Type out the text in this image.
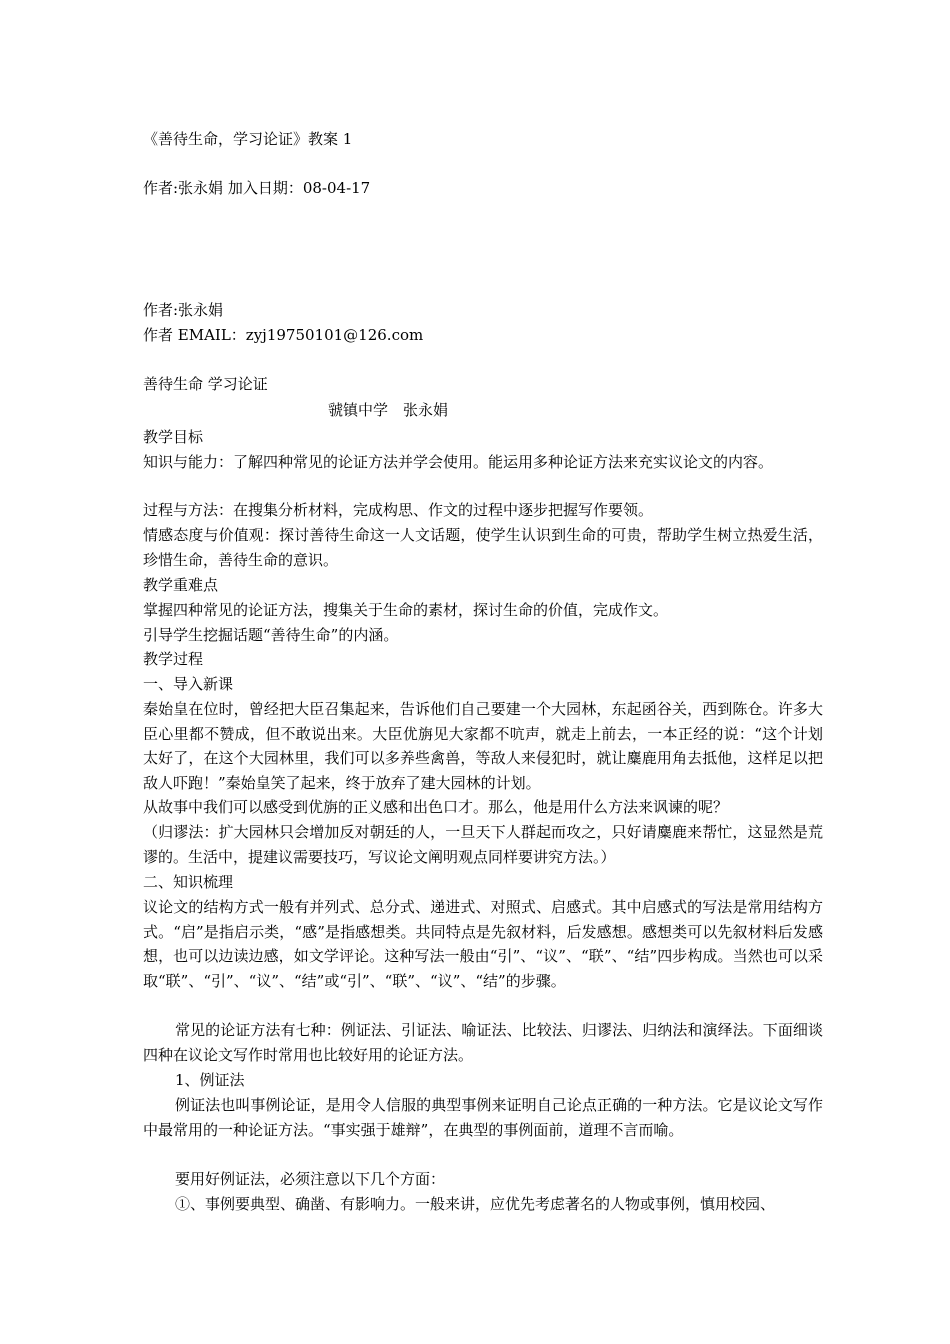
《善待生命，学习论证》教案 1
作者:张永娟 加入日期：08-04-17
作者:张永娟
作者 EMAIL：zyj19750101@126.com
善待生命 学习论证
虢镇中学　张永娟
教学目标
知识与能力：了解四种常见的论证方法并学会使用。能运用多种论证方法来充实议论文的内容。
过程与方法：在搜集分析材料，完成构思、作文的过程中逐步把握写作要领。
情感态度与价值观：探讨善待生命这一人文话题，使学生认识到生命的可贵，帮助学生树立热爱生活，珍惜生命，善待生命的意识。
教学重难点
掌握四种常见的论证方法，搜集关于生命的素材，探讨生命的价值，完成作文。
引导学生挖掘话题“善待生命”的内涵。
教学过程
一、导入新课
秦始皇在位时，曾经把大臣召集起来，告诉他们自己要建一个大园林，东起函谷关，西到陈仓。许多大臣心里都不赞成，但不敢说出来。大臣优旃见大家都不吭声，就走上前去，一本正经的说：“这个计划太好了，在这个大园林里，我们可以多养些禽兽，等敌人来侵犯时，就让麋鹿用角去抵他，这样足以把敌人吓跑！”秦始皇笑了起来，终于放弃了建大园林的计划。
从故事中我们可以感受到优旃的正义感和出色口才。那么，他是用什么方法来讽谏的呢？
（归谬法：扩大园林只会增加反对朝廷的人，一旦天下人群起而攻之，只好请麋鹿来帮忙，这显然是荒谬的。生活中，提建议需要技巧，写议论文阐明观点同样要讲究方法。）
二、知识梳理
议论文的结构方式一般有并列式、总分式、递进式、对照式、启感式。其中启感式的写法是常用结构方式。“启”是指启示类，“感”是指感想类。共同特点是先叙材料，后发感想。感想类可以先叙材料后发感想，也可以边读边感，如文学评论。这种写法一般由“引”、“议”、“联”、“结”四步构成。当然也可以采取“联”、“引”、“议”、“结”或“引”、“联”、“议”、“结”的步骤。
常见的论证方法有七种：例证法、引证法、喻证法、比较法、归谬法、归纳法和演绎法。下面细谈四种在议论文写作时常用也比较好用的论证方法。
1、例证法
例证法也叫事例论证，是用令人信服的典型事例来证明自己论点正确的一种方法。它是议论文写作中最常用的一种论证方法。“事实强于雄辩”，在典型的事例面前，道理不言而喻。
要用好例证法，必须注意以下几个方面：
①、事例要典型、确凿、有影响力。一般来讲，应优先考虑著名的人物或事例，慎用校园、
